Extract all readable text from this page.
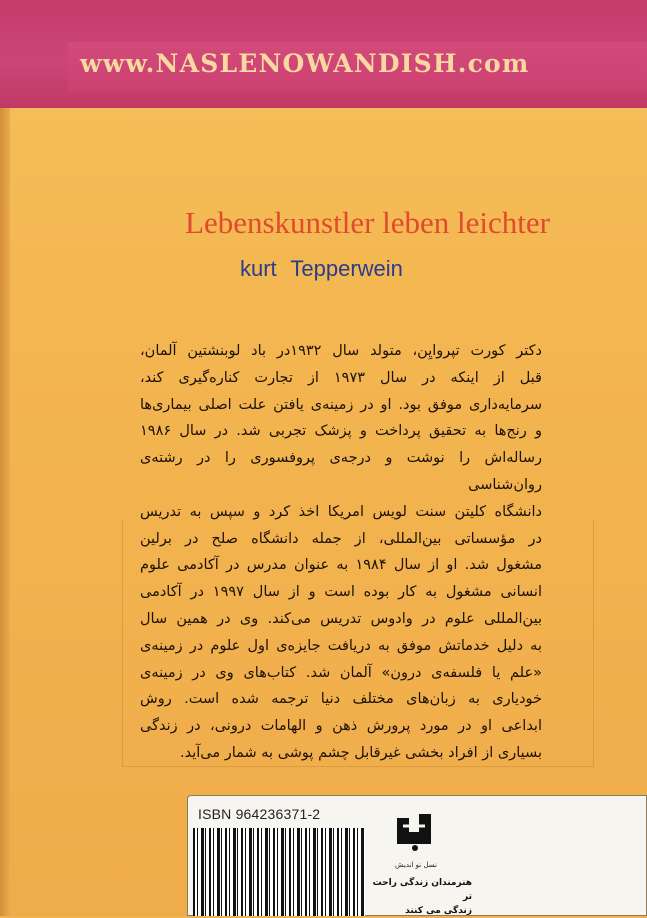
www.NASLENOWANDISH.com
Lebenskunstler leben leichter
kurt Tepperwein

دکتر کورت تپروایِن، متولد سال ۱۹۳۲در باد لوبنشتین آلمان،

قبل از اینکه در سال ۱۹۷۳ از تجارت کناره‌گیری کند،

سرمایه‌داری موفق بود. او در زمینه‌ی یافتن علت اصلی بیماری‌ها

و رنج‌ها به تحقیق پرداخت و پزشک تجربی شد. در سال ۱۹۸۶

رساله‌اش را نوشت و درجه‌ی پروفسوری را در رشته‌ی روان‌شناسی

دانشگاه کلیتن سنت لویس امریکا اخذ کرد و سپس به تدریس

در مؤسساتی بین‌المللی، از جمله دانشگاه صلح در برلین

مشغول شد. او از سال ۱۹۸۴ به عنوان مدرس در آکادمی علوم

انسانی مشغول به کار بوده است و از سال ۱۹۹۷ در آکادمی

بین‌المللی علوم در وادوس تدریس می‌کند. وی در همین سال

به دلیل خدماتش موفق به دریافت جایزه‌ی اول علوم در زمینه‌ی

«علم یا فلسفه‌ی درون» آلمان شد. کتاب‌های وی در زمینه‌ی

خودیاری به زبان‌های مختلف دنیا ترجمه شده است. روش

ابداعی او در مورد پرورش ذهن و الهامات درونی، در زندگی

بسیاری از افراد بخشی غیرقابل چشم پوشی به شمار می‌آید.

ISBN 964236371-2
نسل نو اندیش
هنرمندان زندگی راحت تر
زندگی می کنند
